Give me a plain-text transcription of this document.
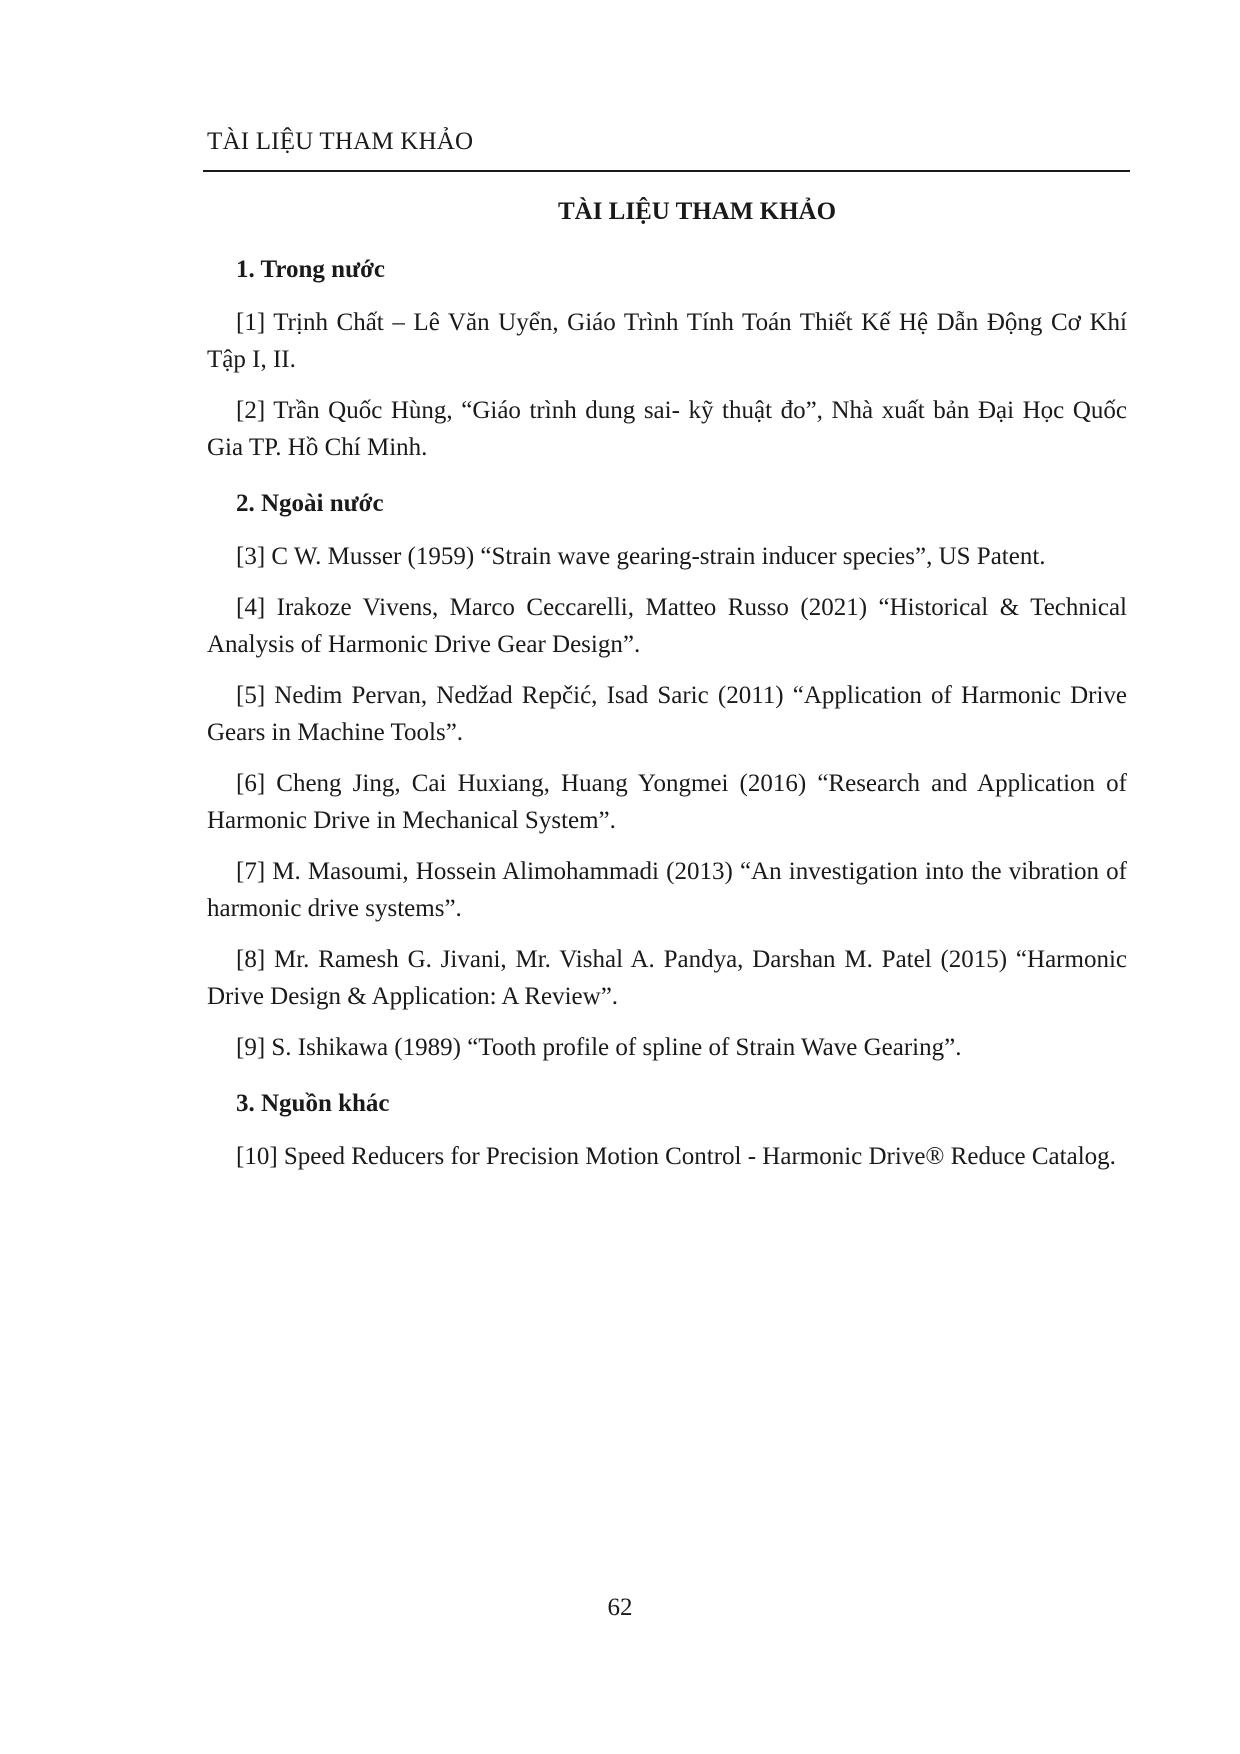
TÀI LIỆU THAM KHẢO
TÀI LIỆU THAM KHẢO
1. Trong nước

[1] Trịnh Chất – Lê Văn Uyển, Giáo Trình Tính Toán Thiết Kế Hệ Dẫn Động Cơ Khí Tập I, II.

[2] Trần Quốc Hùng, “Giáo trình dung sai- kỹ thuật đo”, Nhà xuất bản Đại Học Quốc Gia TP. Hồ Chí Minh.

2. Ngoài nước

[3] C W. Musser (1959) “Strain wave gearing-strain inducer species”, US Patent.

[4] Irakoze Vivens, Marco Ceccarelli, Matteo Russo (2021) “Historical & Technical Analysis of Harmonic Drive Gear Design”.

[5] Nedim Pervan, Nedžad Repčić, Isad Saric (2011) “Application of Harmonic Drive Gears in Machine Tools”.

[6] Cheng Jing, Cai Huxiang, Huang Yongmei (2016) “Research and Application of Harmonic Drive in Mechanical System”.

[7] M. Masoumi, Hossein Alimohammadi (2013) “An investigation into the vibration of harmonic drive systems”.

[8] Mr. Ramesh G. Jivani, Mr. Vishal A. Pandya, Darshan M. Patel (2015) “Harmonic Drive Design & Application: A Review”.

[9] S. Ishikawa (1989) “Tooth profile of spline of Strain Wave Gearing”.

3. Nguồn khác

[10] Speed Reducers for Precision Motion Control - Harmonic Drive® Reduce Catalog.

62
